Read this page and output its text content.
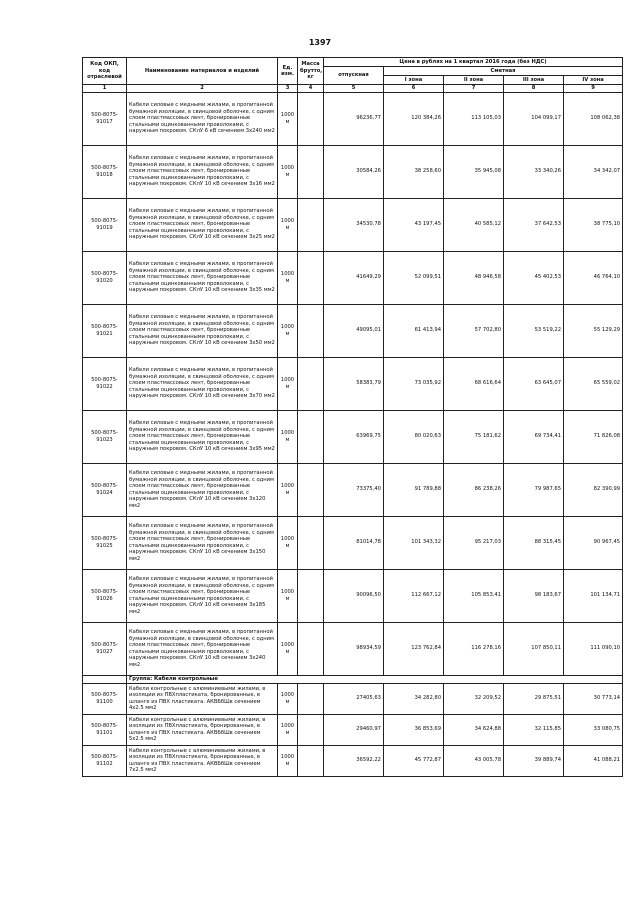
1397
Код ОКП, код отраслевой	Наименование материалов и изделий	Ед. изм.	Масса брутто, кг	Цена в рублях на 1 квартал 2016 года (без НДС)				
				отпускная	Сметная			
					I зона	II зона	III зона	IV зона
1	2	3	4	5	6	7	8	9
500-8075-91017	Кабели силовые с медными жилами, в пропитанной бумажной изоляции, в свинцовой оболочке, с одним слоем пластмассовых лент, бронированные стальными оцинкованными проволоками, с наружным покровом. СКлУ 6 кВ сечением 3х240 мм2	1000 м		96236,77	120 384,26	113 105,03	104 099,17	108 062,38
500-8075-91018	Кабели силовые с медными жилами, в пропитанной бумажной изоляции, в свинцовой оболочке, с одним слоем пластмассовых лент, бронированные стальными оцинкованными проволоками, с наружным покровом. СКлУ 10 кВ сечением 3х16 мм2	1000 м		30584,26	38 258,60	35 945,08	33 340,26	34 342,07
500-8075-91019	Кабели силовые с медными жилами, в пропитанной бумажной изоляции, в свинцовой оболочке, с одним слоем пластмассовых лент, бронированные стальными оцинкованными проволоками, с наружным покровом. СКлУ 10 кВ сечением 3х25 мм2	1000 м		34530,78	43 197,45	40 585,12	37 642,53	38 775,10
500-8075-91020	Кабели силовые с медными жилами, в пропитанной бумажной изоляции, в свинцовой оболочке, с одним слоем пластмассовых лент, бронированные стальными оцинкованными проволоками, с наружным покровом. СКлУ 10 кВ сечением 3х35 мм2	1000 м		41649,29	52 099,51	48 946,58	45 402,53	46 764,10
500-8075-91021	Кабели силовые с медными жилами, в пропитанной бумажной изоляции, в свинцовой оболочке, с одним слоем пластмассовых лент, бронированные стальными оцинкованными проволоками, с наружным покровом. СКлУ 10 кВ сечением 3х50 мм2	1000 м		49095,01	61 413,94	57 702,80	53 519,22	55 129,29
500-8075-91022	Кабели силовые с медными жилами, в пропитанной бумажной изоляции, в свинцовой оболочке, с одним слоем пластмассовых лент, бронированные стальными оцинкованными проволоками, с наружным покровом. СКлУ 10 кВ сечением 3х70 мм2	1000 м		58383,79	73 035,92	68 616,64	63 645,07	65 559,02
500-8075-91023	Кабели силовые с медными жилами, в пропитанной бумажной изоляции, в свинцовой оболочке, с одним слоем пластмассовых лент, бронированные стальными оцинкованными проволоками, с наружным покровом. СКлУ 10 кВ сечением 3х95 мм2	1000 м		63969,75	80 020,63	75 181,62	69 734,41	71 826,08
500-8075-91024	Кабели силовые с медными жилами, в пропитанной бумажной изоляции, в свинцовой оболочке, с одним слоем пластмассовых лент, бронированные стальными оцинкованными проволоками, с наружным покровом. СКлУ 10 кВ сечением 3х120 мм2	1000 м		73375,40	91 789,88	86 238,26	79 987,65	82 390,99
500-8075-91025	Кабели силовые с медными жилами, в пропитанной бумажной изоляции, в свинцовой оболочке, с одним слоем пластмассовых лент, бронированные стальными оцинкованными проволоками, с наружным покровом. СКлУ 10 кВ сечением 3х150 мм2	1000 м		81014,78	101 343,32	95 217,03	88 315,45	90 967,45
500-8075-91026	Кабели силовые с медными жилами, в пропитанной бумажной изоляции, в свинцовой оболочке, с одним слоем пластмассовых лент, бронированные стальными оцинкованными проволоками, с наружным покровом. СКлУ 10 кВ сечением 3х185 мм2	1000 м		90096,50	112 667,12	105 853,41	98 183,67	101 134,71
500-8075-91027	Кабели силовые с медными жилами, в пропитанной бумажной изоляции, в свинцовой оболочке, с одним слоем пластмассовых лент, бронированные стальными оцинкованными проволоками, с наружным покровом. СКлУ 10 кВ сечением 3х240 мм2	1000 м		98934,59	123 762,84	116 278,16	107 850,11	111 090,10
	Группа: Кабели контрольные							
500-8075-91100	Кабели контрольные с алюминиевыми жилами, в изоляции из ПВХпластиката, бронированные, в шланге из ПВХ пластиката. АКВБбШв сечением 4х2.5 мм2	1000 м		27405,63	34 282,80	32 209,52	29 875,51	30 773,14
500-8075-91101	Кабели контрольные с алюминиевыми жилами, в изоляции из ПВХпластиката, бронированные, в шланге из ПВХ пластиката. АКВБбШв сечением 5х2.5 мм2	1000 м		29460,97	36 853,69	34 624,88	32 115,85	33 080,75
500-8075-91102	Кабели контрольные с алюминиевыми жилами, в изоляции из ПВХпластиката, бронированные, в шланге из ПВХ пластиката. АКВБбШв сечением 7х2.5 мм2	1000 м		36592,22	45 772,87	43 005,78	39 889,74	41 088,21
